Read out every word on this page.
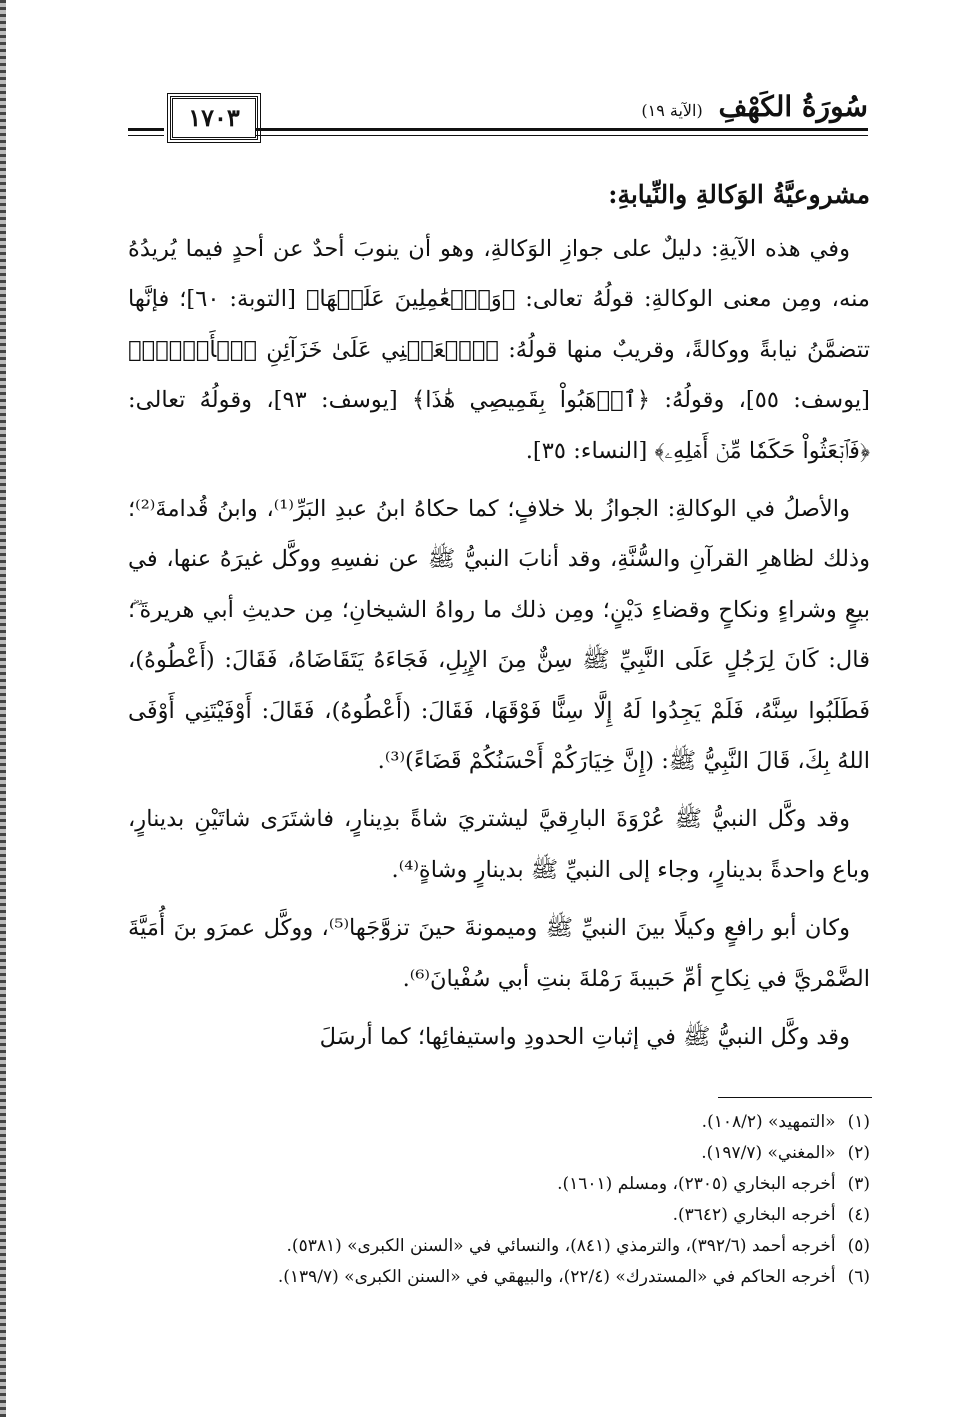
سُورَةُ الكَهْفِ (الآية ١٩)
١٧٠٣

مشروعيَّةُ الوَكالةِ والنِّيابةِ:

وفي هذه الآيةِ: دليلٌ على جوازِ الوَكالةِ، وهو أن ينوبَ أحدٌ عن أحدٍ فيما يُريدُهُ منه، ومِن معنى الوكالةِ: قولُهُ تعالى: ﴿وَٱلۡعَٰمِلِينَ عَلَيۡهَا﴾ [التوبة: ٦٠]؛ فإنَّها تتضمَّنُ نيابةً ووكالةً، وقريبٌ منها قولُهُ: ﴿ٱجۡعَلۡنِي عَلَىٰ خَزَآئِنِ ٱلۡأَرۡضِۖ﴾ [يوسف: ٥٥]، وقولُهُ: ﴿ٱذۡهَبُواْ بِقَمِيصِي هَٰذَا﴾ [يوسف: ٩٣]، وقولُهُ تعالى: ﴿فَٱبۡعَثُواْ حَكَمٗا مِّنۡ أَهۡلِهِۦ﴾ [النساء: ٣٥].

والأصلُ في الوكالةِ: الجوازُ بلا خلافٍ؛ كما حكاهُ ابنُ عبدِ البَرِّ⁽¹⁾، وابنُ قُدامةَ⁽²⁾؛ وذلك لظاهرِ القرآنِ والسُّنَّةِ، وقد أنابَ النبيُّ ﷺ عن نفسِهِ ووكَّل غيرَهُ عنها، في بيعٍ وشراءٍ ونكاحٍ وقضاءِ دَيْنٍ؛ ومِن ذلك ما رواهُ الشيخانِ؛ مِن حديثِ أبي هريرةَ ؓ؛ قال: كَانَ لِرَجُلٍ عَلَى النَّبِيِّ ﷺ سِنٌّ مِنَ الإِبِلِ، فَجَاءَهُ يَتَقَاضَاهُ، فَقَالَ: (أَعْطُوهُ)، فَطَلَبُوا سِنَّهُ، فَلَمْ يَجِدُوا لَهُ إِلَّا سِنًّا فَوْقَهَا، فَقَالَ: (أَعْطُوهُ)، فَقَالَ: أَوْفَيْتَنِي أَوْفَى اللهُ بِكَ، قَالَ النَّبِيُّ ﷺ: (إِنَّ خِيَارَكُمْ أَحْسَنُكُمْ قَضَاءً)⁽³⁾.

وقد وكَّل النبيُّ ﷺ عُرْوَةَ البارِقيَّ ليشتريَ شاةً بدِينارٍ، فاشتَرَى شاتَيْنِ بدينارٍ، وباع واحدةً بدينارٍ، وجاء إلى النبيِّ ﷺ بدينارٍ وشاةٍ⁽⁴⁾.

وكان أبو رافعٍ وكيلًا بينَ النبيِّ ﷺ وميمونةَ حينَ تزوَّجَها⁽⁵⁾، ووكَّل عمرَو بنَ أُمَيَّةَ الضَّمْريَّ في نِكاحِ أمِّ حَبيبةَ رَمْلةَ بنتِ أبي سُفْيانَ⁽⁶⁾.

وقد وكَّل النبيُّ ﷺ في إثباتِ الحدودِ واستيفائِها؛ كما أرسَلَ

(١)«التمهيد» (١٠٨/٢).
(٢)«المغني» (١٩٧/٧).
(٣)أخرجه البخاري (٢٣٠٥)، ومسلم (١٦٠١).
(٤)أخرجه البخاري (٣٦٤٢).
(٥)أخرجه أحمد (٣٩٢/٦)، والترمذي (٨٤١)، والنسائي في «السنن الكبرى» (٥٣٨١).
(٦)أخرجه الحاكم في «المستدرك» (٢٢/٤)، والبيهقي في «السنن الكبرى» (١٣٩/٧).
